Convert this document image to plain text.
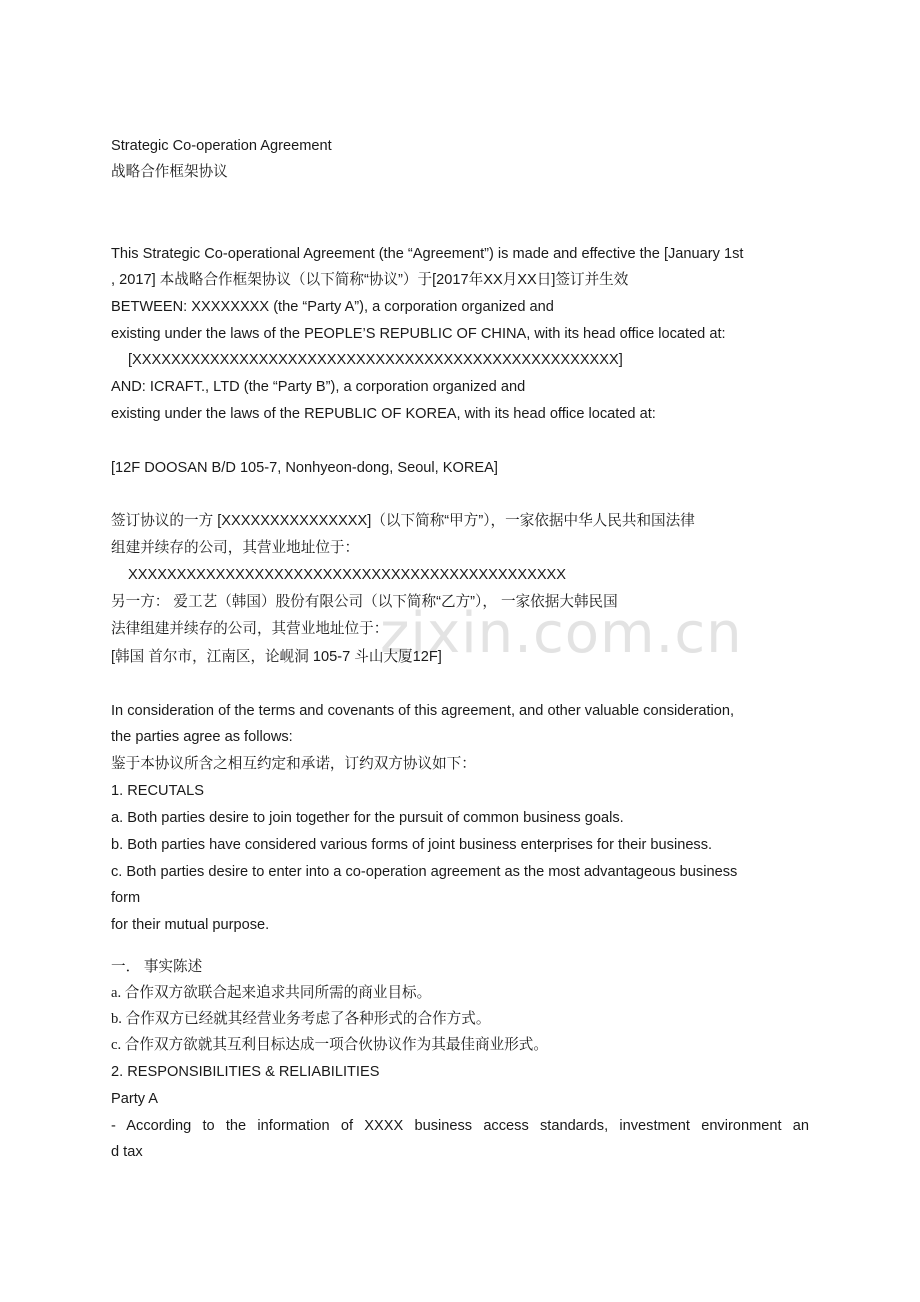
zixin.com.cn

Strategic Co-operation Agreement

战略合作框架协议

This Strategic Co-operational Agreement (the “Agreement”) is made and effective the [January 1st

, 2017] 本战略合作框架协议（以下简称“协议”）于[2017年XX月XX日]签订并生效

BETWEEN: XXXXXXXX (the “Party A”), a corporation organized and

existing under the laws of the PEOPLE’S REPUBLIC OF CHINA, with its head office located at:

[XXXXXXXXXXXXXXXXXXXXXXXXXXXXXXXXXXXXXXXXXXXXXXXXXX]

AND: ICRAFT., LTD (the “Party B”), a corporation organized and

existing under the laws of the REPUBLIC OF KOREA, with its head office located at:

[12F DOOSAN B/D 105-7, Nonhyeon-dong, Seoul, KOREA]

签订协议的一方 [XXXXXXXXXXXXXXX]（以下简称“甲方”），一家依据中华人民共和国法律

组建并续存的公司，其营业地址位于：

XXXXXXXXXXXXXXXXXXXXXXXXXXXXXXXXXXXXXXXXXXXXX

另一方： 爱工艺（韩国）股份有限公司（以下简称“乙方”）， 一家依据大韩民国

法律组建并续存的公司，其营业地址位于：

[韩国 首尔市，江南区，论岘洞 105-7 斗山大厦12F]

In consideration of the terms and covenants of this agreement, and other valuable consideration,

the parties agree as follows:

鉴于本协议所含之相互约定和承诺，订约双方协议如下：

1. RECUTALS

a. Both parties desire to join together for the pursuit of common business goals.

b. Both parties have considered various forms of joint business enterprises for their business.

c. Both parties desire to enter into a co-operation agreement as the most advantageous business

form

for their mutual purpose.

一． 事实陈述

a. 合作双方欲联合起来追求共同所需的商业目标。

b. 合作双方已经就其经营业务考虑了各种形式的合作方式。

c. 合作双方欲就其互利目标达成一项合伙协议作为其最佳商业形式。

2. RESPONSIBILITIES & RELIABILITIES

Party A

- According to the information of XXXX business access standards, investment environment an

d tax
